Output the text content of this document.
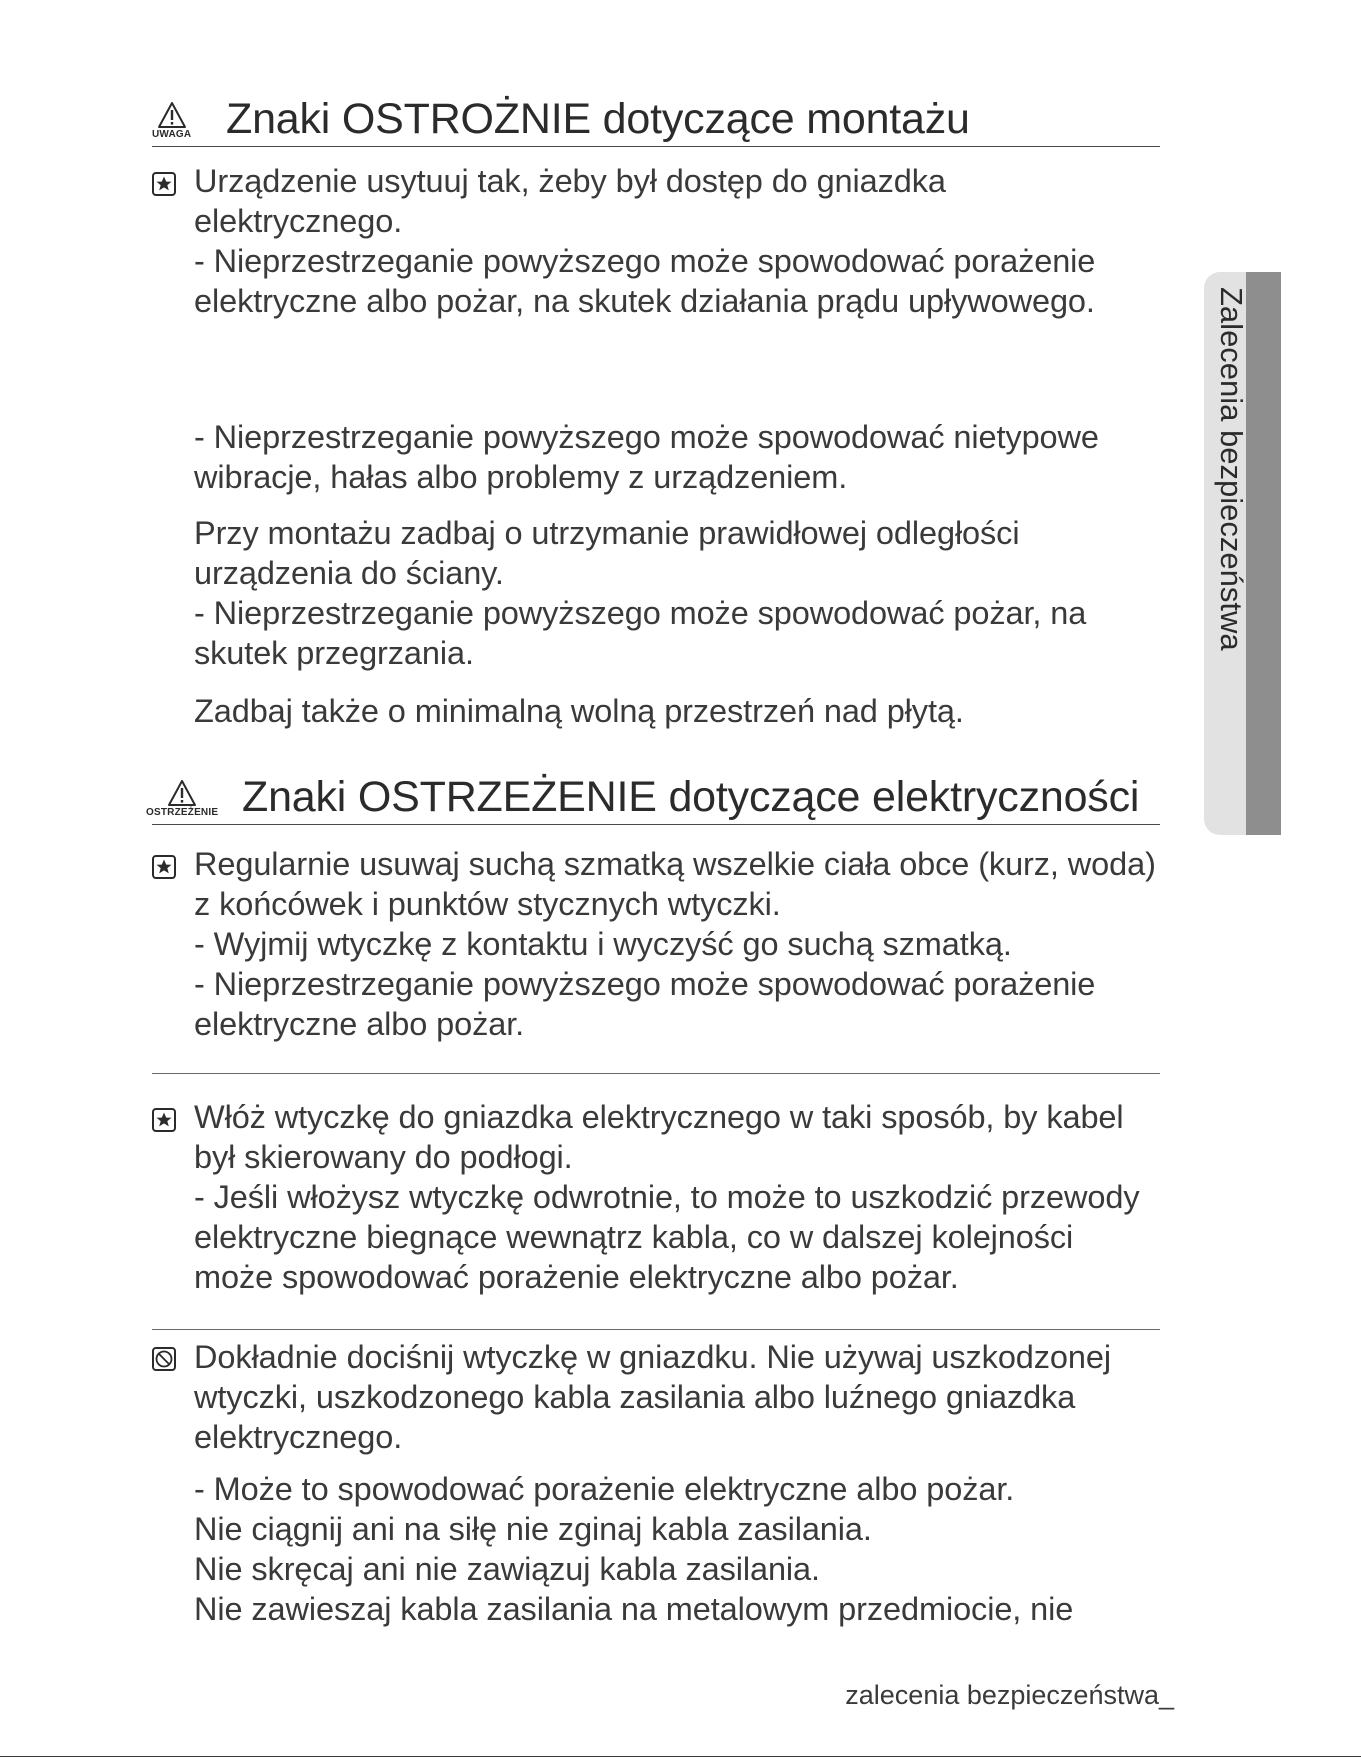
Zalecenia bezpieczeństwa
UWAGA Znaki OSTROŻNIE dotyczące montażu
Urządzenie usytuuj tak, żeby był dostęp do gniazdka
elektrycznego.
- Nieprzestrzeganie powyższego może spowodować porażenie
elektryczne albo pożar, na skutek działania prądu upływowego.
- Nieprzestrzeganie powyższego może spowodować nietypowe
wibracje, hałas albo problemy z urządzeniem.
Przy montażu zadbaj o utrzymanie prawidłowej odległości
urządzenia do ściany.
- Nieprzestrzeganie powyższego może spowodować pożar, na
skutek przegrzania.
Zadbaj także o minimalną wolną przestrzeń nad płytą.
OSTRZEŻENIE Znaki OSTRZEŻENIE dotyczące elektryczności
Regularnie usuwaj suchą szmatką wszelkie ciała obce (kurz, woda)
z końcówek i punktów stycznych wtyczki.
- Wyjmij wtyczkę z kontaktu i wyczyść go suchą szmatką.
- Nieprzestrzeganie powyższego może spowodować porażenie
elektryczne albo pożar.
Włóż wtyczkę do gniazdka elektrycznego w taki sposób, by kabel
był skierowany do podłogi.
- Jeśli włożysz wtyczkę odwrotnie, to może to uszkodzić przewody
elektryczne biegnące wewnątrz kabla, co w dalszej kolejności
może spowodować porażenie elektryczne albo pożar.
Dokładnie dociśnij wtyczkę w gniazdku. Nie używaj uszkodzonej
wtyczki, uszkodzonego kabla zasilania albo luźnego gniazdka
elektrycznego.
- Może to spowodować porażenie elektryczne albo pożar.
Nie ciągnij ani na siłę nie zginaj kabla zasilania.
Nie skręcaj ani nie zawiązuj kabla zasilania.
Nie zawieszaj kabla zasilania na metalowym przedmiocie, nie
zalecenia bezpieczeństwa_
